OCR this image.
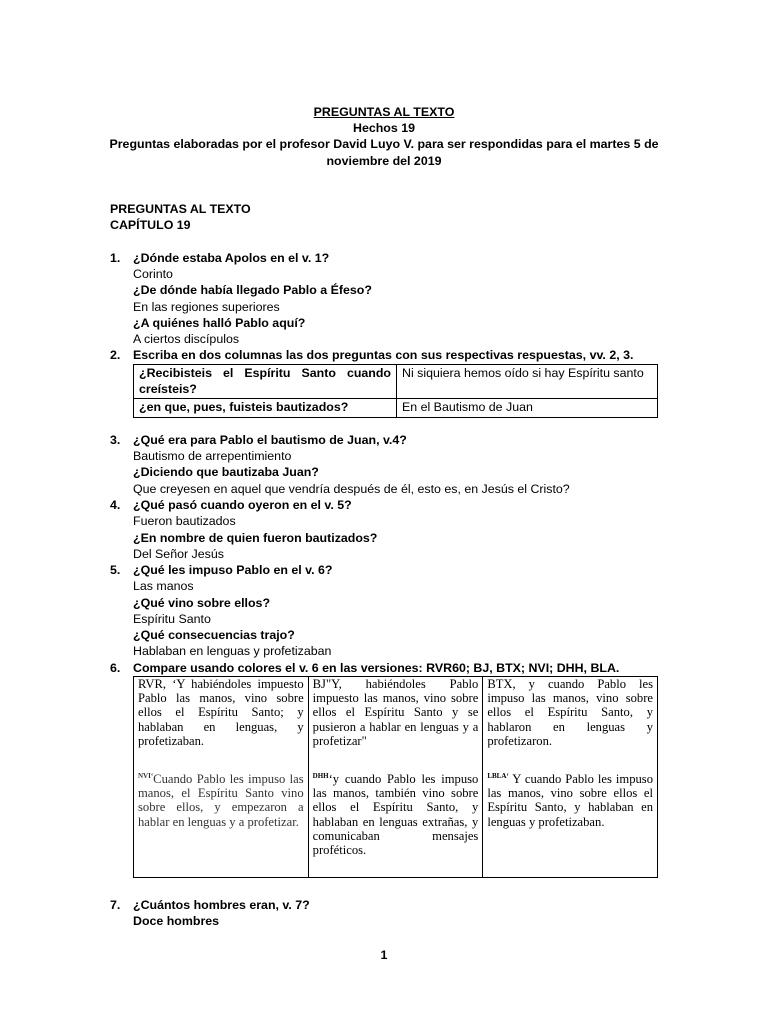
PREGUNTAS AL TEXTO
Hechos 19
Preguntas elaboradas por el profesor David Luyo V. para ser respondidas para el martes 5 de
noviembre del 2019
PREGUNTAS AL TEXTO
CAPÍTULO 19
1.	¿Dónde estaba Apolos en el v. 1?
Corinto
¿De dónde había llegado Pablo a Éfeso?
En las regiones superiores
¿A quiénes halló Pablo aquí?
A ciertos discípulos
2.	Escriba en dos columnas las dos preguntas con sus respectivas respuestas, vv. 2, 3.
¿Recibisteis el Espíritu Santo cuando creísteis?	Ni siquiera hemos oído si hay Espíritu santo
¿en que, pues, fuisteis bautizados?	En el Bautismo de Juan
3.	¿Qué era para Pablo el bautismo de Juan, v.4?
Bautismo de arrepentimiento
¿Diciendo que bautizaba Juan?
Que creyesen en aquel que vendría después de él, esto es, en Jesús el Cristo?
4.	¿Qué pasó cuando oyeron en el v. 5?
Fueron bautizados
¿En nombre de quien fueron bautizados?
Del Señor Jesús
5.	¿Qué les impuso Pablo en el v. 6?
Las manos
¿Qué vino sobre ellos?
Espíritu Santo
¿Qué consecuencias trajo?
Hablaban en lenguas y profetizaban
6.	Compare usando colores el v. 6 en las versiones: RVR60; BJ, BTX; NVI; DHH, BLA.
RVR, ‘Y habiéndoles impuesto Pablo las manos, vino sobre ellos el Espíritu Santo; y hablaban en lenguas, y profetizaban.	BJ"Y, habiéndoles Pablo impuesto las manos, vino sobre ellos el Espíritu Santo y se pusieron a hablar en lenguas y a profetizar"	BTX, y cuando Pablo les impuso las manos, vino sobre ellos el Espíritu Santo, y hablaron en lenguas y profetizaron.
$^{NVI‘}$Cuando Pablo les impuso las manos, el Espíritu Santo vino sobre ellos, y empezaron a hablar en lenguas y a profetizar.	$^{DHH}$‘y cuando Pablo les impuso las manos, también vino sobre ellos el Espíritu Santo, y hablaban en lenguas extrañas, y comunicaban mensajes proféticos.	$^{LBLA‘}$ Y cuando Pablo les impuso las manos, vino sobre ellos el Espíritu Santo, y hablaban en lenguas y profetizaban.
7.	¿Cuántos hombres eran, v. 7?
Doce hombres
1
